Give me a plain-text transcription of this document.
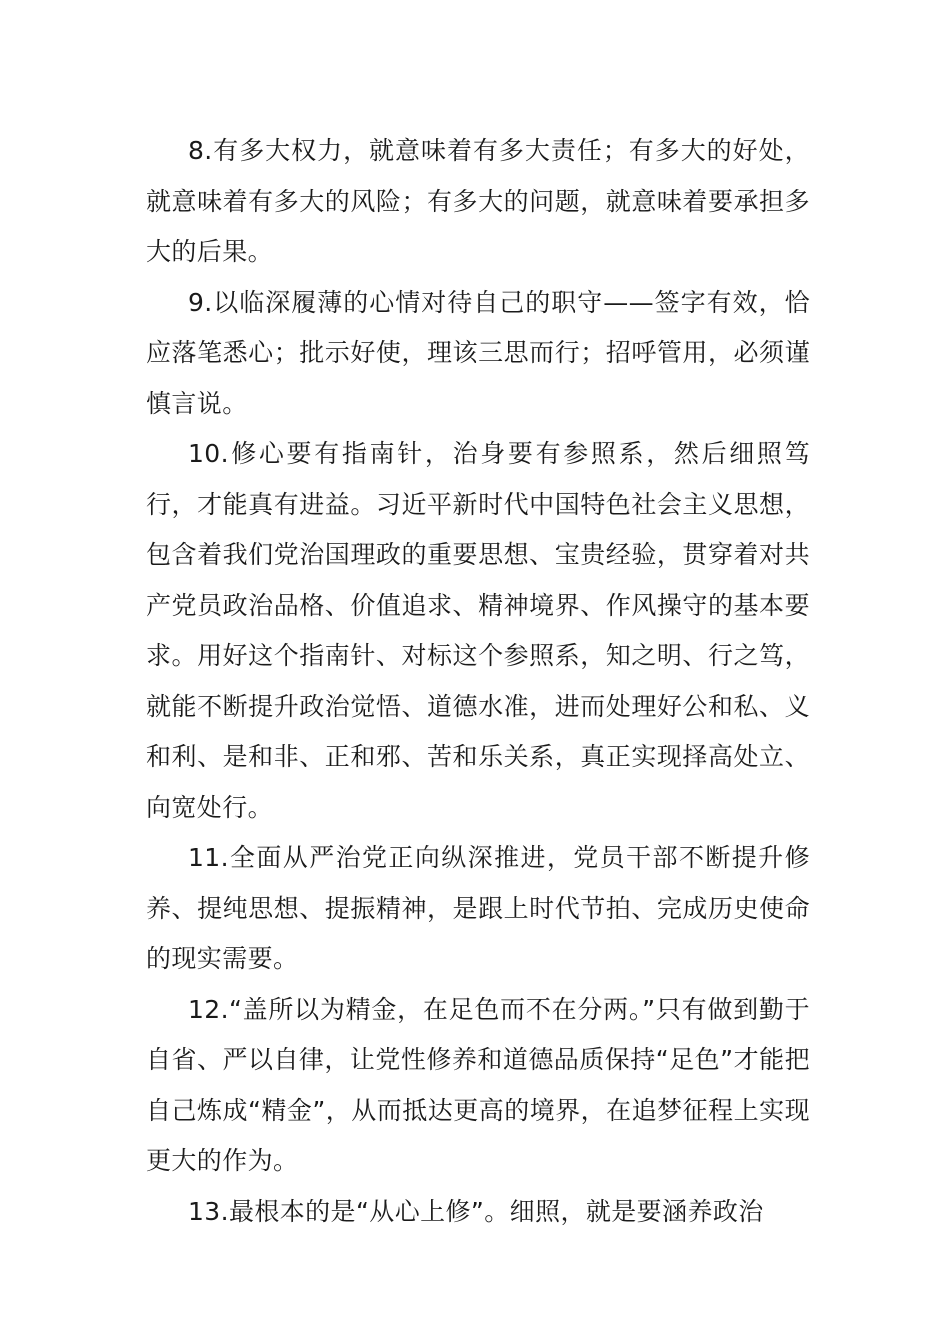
8.有多大权力，就意味着有多大责任；有多大的好处，就意味着有多大的风险；有多大的问题，就意味着要承担多大的后果。

9.以临深履薄的心情对待自己的职守——签字有效，恰应落笔悉心；批示好使，理该三思而行；招呼管用，必须谨慎言说。

10.修心要有指南针，治身要有参照系，然后细照笃行，才能真有进益。习近平新时代中国特色社会主义思想，包含着我们党治国理政的重要思想、宝贵经验，贯穿着对共产党员政治品格、价值追求、精神境界、作风操守的基本要求。用好这个指南针、对标这个参照系，知之明、行之笃，就能不断提升政治觉悟、道德水准，进而处理好公和私、义和利、是和非、正和邪、苦和乐关系，真正实现择高处立、向宽处行。

11.全面从严治党正向纵深推进，党员干部不断提升修养、提纯思想、提振精神，是跟上时代节拍、完成历史使命的现实需要。

12.“盖所以为精金，在足色而不在分两。”只有做到勤于自省、严以自律，让党性修养和道德品质保持“足色”才能把自己炼成“精金”，从而抵达更高的境界，在追梦征程上实现更大的作为。

13.最根本的是“从心上修”。细照，就是要涵养政治
